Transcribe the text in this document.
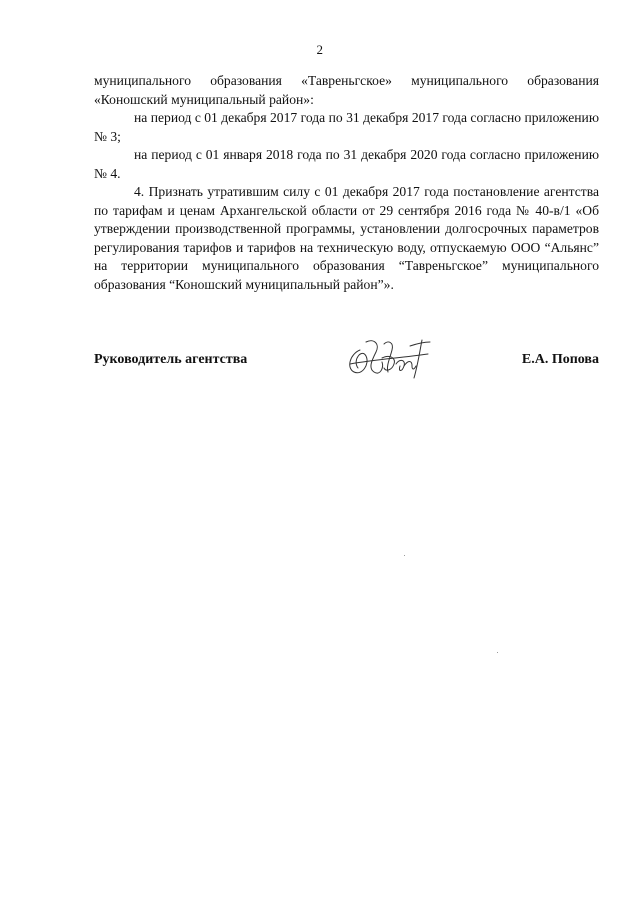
2

муниципального образования «Тавреньгское» муниципального образования «Коношский муниципальный район»:

на период с 01 декабря 2017 года по 31 декабря 2017 года согласно приложению № 3;

на период с 01 января 2018 года по 31 декабря 2020 года согласно приложению № 4.

4. Признать утратившим силу с 01 декабря 2017 года постановление агентства по тарифам и ценам Архангельской области от 29 сентября 2016 года № 40-в/1 «Об утверждении производственной программы, установлении долгосрочных параметров регулирования тарифов и тарифов на техническую воду, отпускаемую ООО “Альянс” на территории муниципального образования “Тавреньгское” муниципального образования “Коношский муниципальный район”».

Руководитель агентства	Е.А. Попова
